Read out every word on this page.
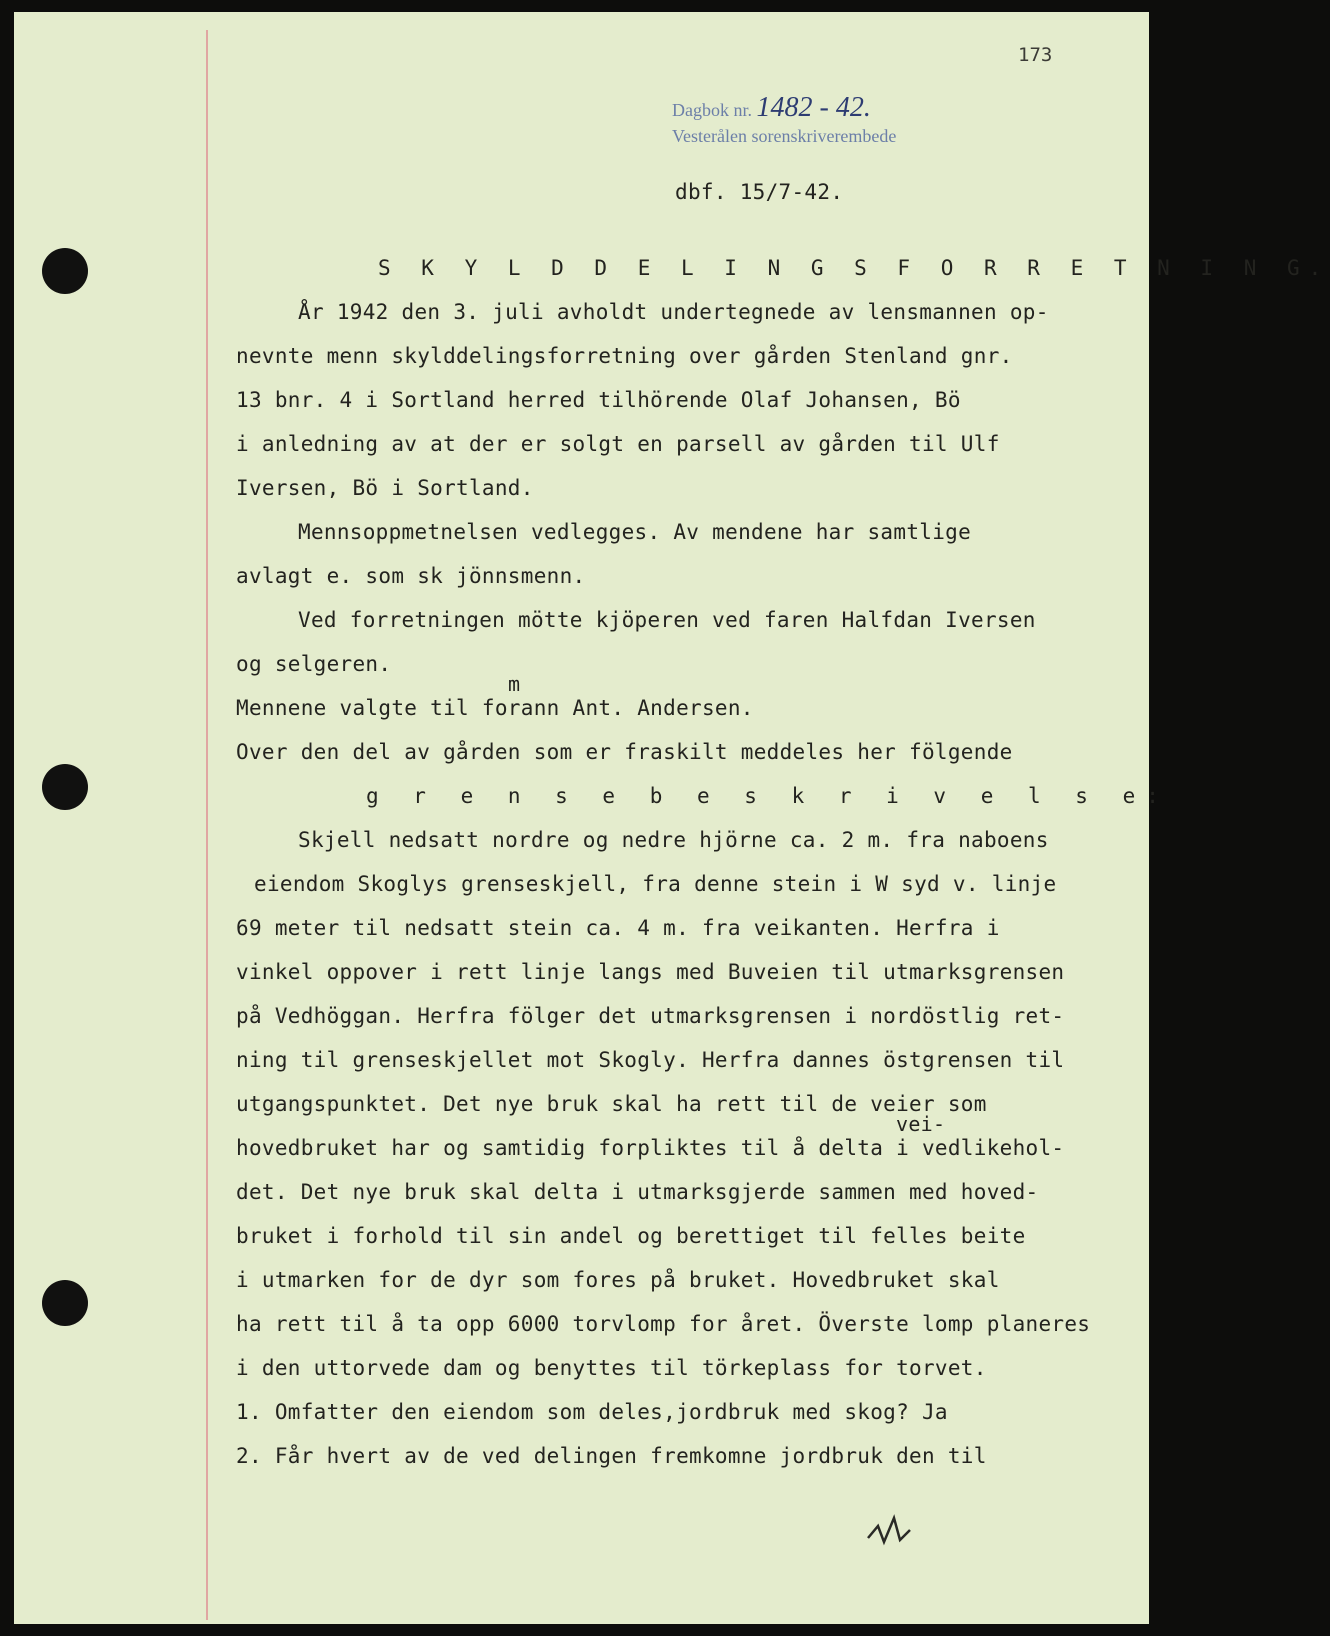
173
Dagbok nr. 1482 - 42.
Vesterålen sorenskriverembede
dbf. 15/7-42.
S K Y L D D E L I N G S F O R R E T N I N G.
År 1942 den 3. juli avholdt undertegnede av lensmannen op-
nevnte menn skylddelingsforretning over gården Stenland gnr.
13 bnr. 4 i Sortland herred tilhörende Olaf Johansen, Bö
i anledning av at der er solgt en parsell av gården til Ulf
Iversen, Bö i Sortland.
Mennsoppmetnelsen vedlegges. Av mendene har samtlige
avlagt e. som sk jönnsmenn.
Ved forretningen mötte kjöperen ved faren Halfdan Iversen
og selgeren.
m
Mennene valgte til forann Ant. Andersen.
Over den del av gården som er fraskilt meddeles her fölgende
g r e n s e b e s k r i v e l s e:
Skjell nedsatt nordre og nedre hjörne ca. 2 m. fra naboens
eiendom Skoglys grenseskjell, fra denne stein i W syd v. linje
69 meter til nedsatt stein ca. 4 m. fra veikanten. Herfra i
vinkel oppover i rett linje langs med Buveien til utmarksgrensen
på Vedhöggan. Herfra fölger det utmarksgrensen i nordöstlig ret-
ning til grenseskjellet mot Skogly. Herfra dannes östgrensen til
utgangspunktet. Det nye bruk skal ha rett til de veier som
vei-
hovedbruket har og samtidig forpliktes til å delta i vedlikehol-
det. Det nye bruk skal delta i utmarksgjerde sammen med hoved-
bruket i forhold til sin andel og berettiget til felles beite
i utmarken for de dyr som fores på bruket. Hovedbruket skal
ha rett til å ta opp 6000 torvlomp for året. Överste lomp planeres
i den uttorvede dam og benyttes til törkeplass for torvet.
1. Omfatter den eiendom som deles,jordbruk med skog? Ja
2. Får hvert av de ved delingen fremkomne jordbruk den til
